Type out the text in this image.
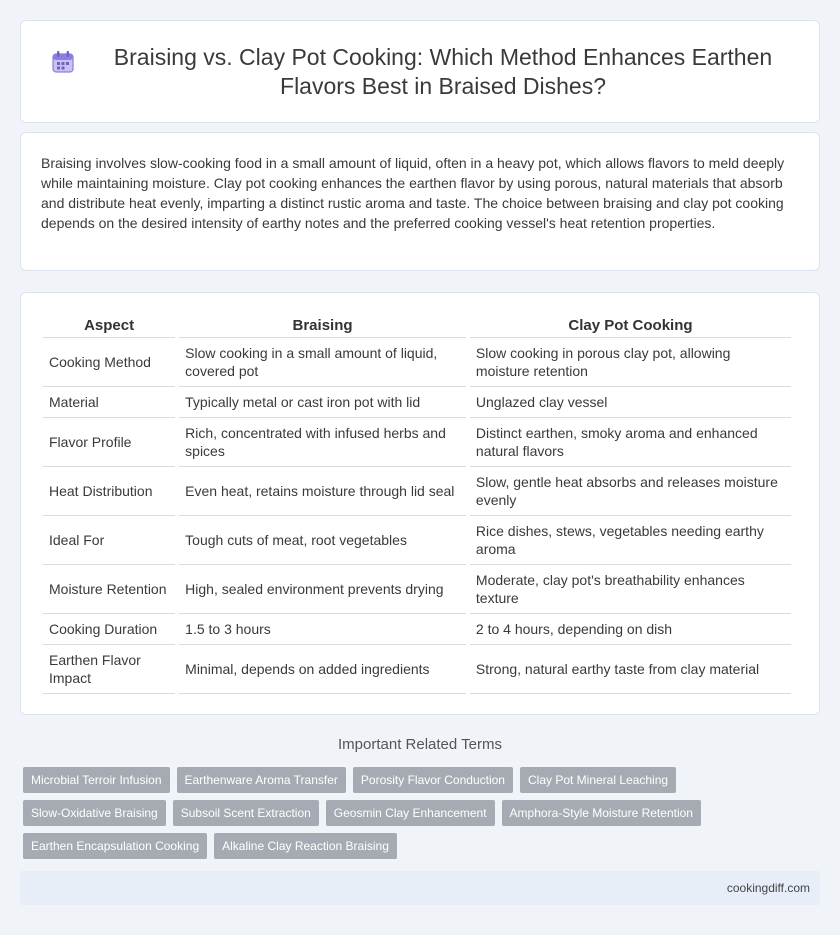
Braising vs. Clay Pot Cooking: Which Method Enhances Earthen Flavors Best in Braised Dishes?

Braising involves slow-cooking food in a small amount of liquid, often in a heavy pot, which allows flavors to meld deeply while maintaining moisture. Clay pot cooking enhances the earthen flavor by using porous, natural materials that absorb and distribute heat evenly, imparting a distinct rustic aroma and taste. The choice between braising and clay pot cooking depends on the desired intensity of earthy notes and the preferred cooking vessel's heat retention properties.

Aspect	Braising	Clay Pot Cooking
Cooking Method	Slow cooking in a small amount of liquid, covered pot	Slow cooking in porous clay pot, allowing moisture retention
Material	Typically metal or cast iron pot with lid	Unglazed clay vessel
Flavor Profile	Rich, concentrated with infused herbs and spices	Distinct earthen, smoky aroma and enhanced natural flavors
Heat Distribution	Even heat, retains moisture through lid seal	Slow, gentle heat absorbs and releases moisture evenly
Ideal For	Tough cuts of meat, root vegetables	Rice dishes, stews, vegetables needing earthy aroma
Moisture Retention	High, sealed environment prevents drying	Moderate, clay pot's breathability enhances texture
Cooking Duration	1.5 to 3 hours	2 to 4 hours, depending on dish
Earthen Flavor Impact	Minimal, depends on added ingredients	Strong, natural earthy taste from clay material
Important Related Terms
Microbial Terroir Infusion	Earthenware Aroma Transfer	Porosity Flavor Conduction	Clay Pot Mineral Leaching
Slow-Oxidative Braising	Subsoil Scent Extraction	Geosmin Clay Enhancement	Amphora-Style Moisture Retention
Earthen Encapsulation Cooking	Alkaline Clay Reaction Braising
cookingdiff.com
